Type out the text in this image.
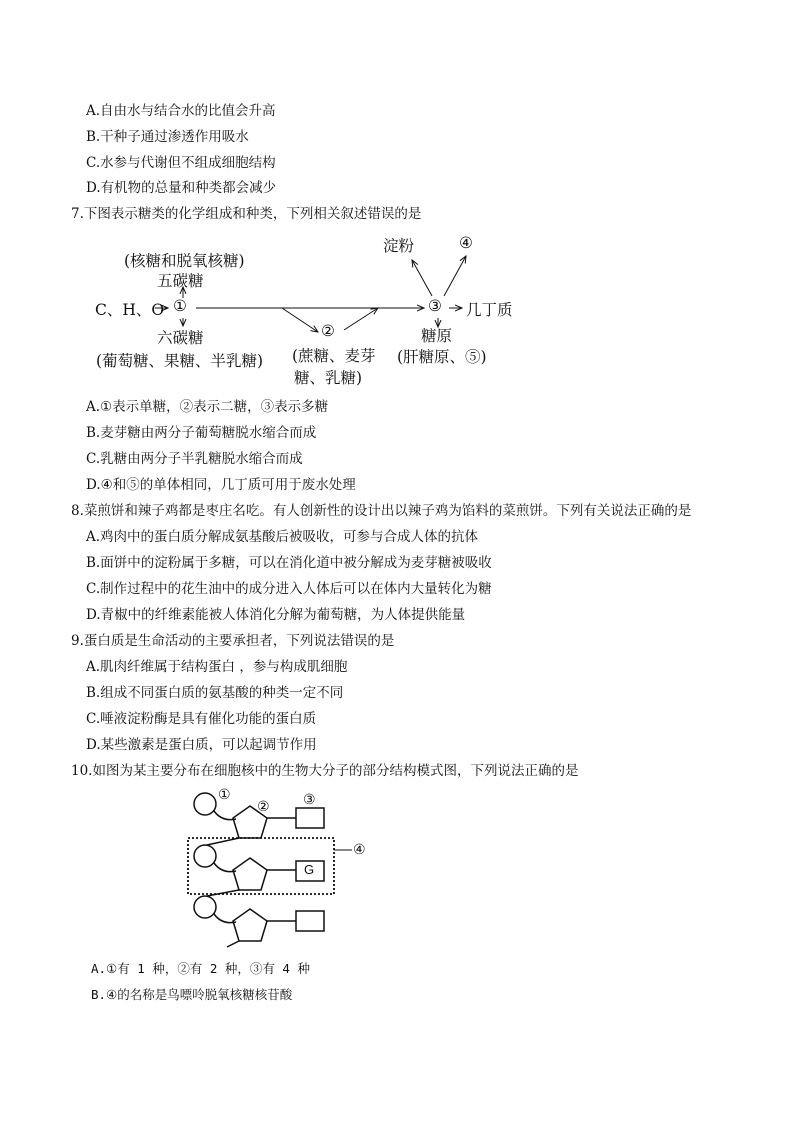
A.自由水与结合水的比值会升高
B.干种子通过渗透作用吸水
C.水参与代谢但不组成细胞结构
D.有机物的总量和种类都会减少
7.下图表示糖类的化学组成和种类，下列相关叙述错误的是
(核糖和脱氧核糖)
五碳糖
C、H、O ①
六碳糖
(葡萄糖、果糖、半乳糖)
②
(蔗糖、麦芽
糖、乳糖)
淀粉	④
③ 几丁质
糖原
(肝糖原、⑤)
A.①表示单糖，②表示二糖，③表示多糖
B.麦芽糖由两分子葡萄糖脱水缩合而成
C.乳糖由两分子半乳糖脱水缩合而成
D.④和⑤的单体相同，几丁质可用于废水处理
8.菜煎饼和辣子鸡都是枣庄名吃。有人创新性的设计出以辣子鸡为馅料的菜煎饼。下列有关说法正确的是
A.鸡肉中的蛋白质分解成氨基酸后被吸收，可参与合成人体的抗体
B.面饼中的淀粉属于多糖，可以在消化道中被分解成为麦芽糖被吸收
C.制作过程中的花生油中的成分进入人体后可以在体内大量转化为糖
D.青椒中的纤维素能被人体消化分解为葡萄糖，为人体提供能量
9.蛋白质是生命活动的主要承担者，下列说法错误的是
A.肌肉纤维属于结构蛋白 ，参与构成肌细胞
B.组成不同蛋白质的氨基酸的种类一定不同
C.唾液淀粉酶是具有催化功能的蛋白质
D.某些激素是蛋白质，可以起调节作用
10.如图为某主要分布在细胞核中的生物大分子的部分结构模式图，下列说法正确的是
①
② ③
④
G
A.①有 1 种，②有 2 种，③有 4 种
B.④的名称是鸟嘌呤脱氧核糖核苷酸
